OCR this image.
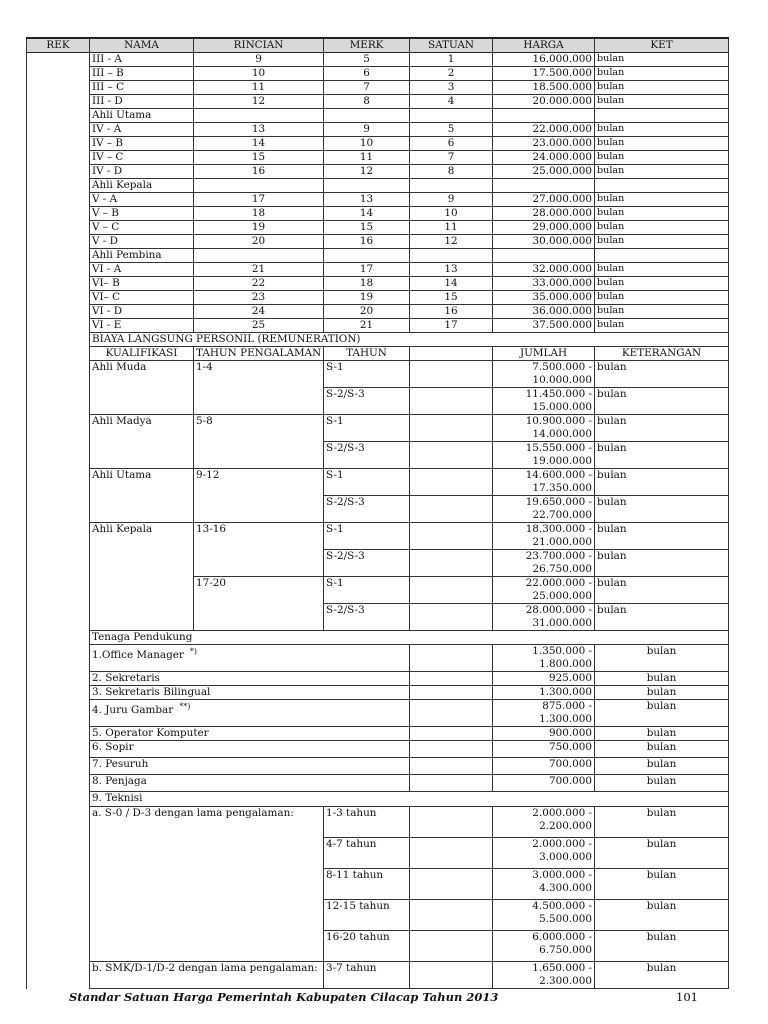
REK	NAMA	RINCIAN	MERK	SATUAN	HARGA	KET
	III - A	9	5	1	16.000.000	bulan
	III – B	10	6	2	17.500.000	bulan
	III – C	11	7	3	18.500.000	bulan
	III - D	12	8	4	20.000.000	bulan
	Ahli Utama					
	IV - A	13	9	5	22.000.000	bulan
	IV – B	14	10	6	23.000.000	bulan
	IV – C	15	11	7	24.000.000	bulan
	IV - D	16	12	8	25.000.000	bulan
	Ahli Kepala					
	V - A	17	13	9	27.000.000	bulan
	V – B	18	14	10	28.000.000	bulan
	V – C	19	15	11	29.000.000	bulan
	V - D	20	16	12	30.000.000	bulan
	Ahli Pembina					
	VI - A	21	17	13	32.000.000	bulan
	VI– B	22	18	14	33.000.000	bulan
	VI– C	23	19	15	35.000.000	bulan
	VI - D	24	20	16	36.000.000	bulan
	VI - E	25	21	17	37.500.000	bulan
	BIAYA LANGSUNG PERSONIL (REMUNERATION)					
	KUALIFIKASI	TAHUN PENGALAMAN	TAHUN		JUMLAH	KETERANGAN
	Ahli Muda	1-4	S-1		7.500.000 -
10.000.000	bulan
			S-2/S-3		11.450.000 -
15.000.000	bulan
	Ahli Madya	5-8	S-1		10.900.000 -
14.000.000	bulan
			S-2/S-3		15.550.000 -
19.000.000	bulan
	Ahli Utama	9-12	S-1		14.600.000 -
17.350.000	bulan
			S-2/S-3		19.650.000 -
22.700.000	bulan
	Ahli Kepala	13-16	S-1		18.300.000 -
21.000.000	bulan
			S-2/S-3		23.700.000 -
26.750.000	bulan
		17-20	S-1		22.000.000 -
25.000.000	bulan
			S-2/S-3		28.000.000 -
31.000.000	bulan
	Tenaga Pendukung					
	1.Office Manager *)				1.350.000 -
1.800.000	bulan
	2. Sekretaris				925.000	bulan
	3. Sekretaris Bilingual				1.300.000	bulan
	4. Juru Gambar **)				875.000 -
1.300.000	bulan
	5. Operator Komputer				900.000	bulan
	6. Sopir				750.000	bulan
	7. Pesuruh				700.000	bulan
	8. Penjaga				700.000	bulan
	9. Teknisi					
	a. S-0 / D-3 dengan lama pengalaman:		1-3 tahun		2.000.000 -
2.200.000	bulan
			4-7 tahun		2.000.000 -
3.000.000	bulan
			8-11 tahun		3.000.000 -
4.300.000	bulan
			12-15 tahun		4.500.000 -
5.500.000	bulan
			16-20 tahun		6.000.000 -
6.750.000	bulan
	b. SMK/D-1/D-2 dengan lama pengalaman:		3-7 tahun		1.650.000 -
2.300.000	bulan
Standar Satuan Harga Pemerintah Kabupaten Cilacap Tahun 2013	101
